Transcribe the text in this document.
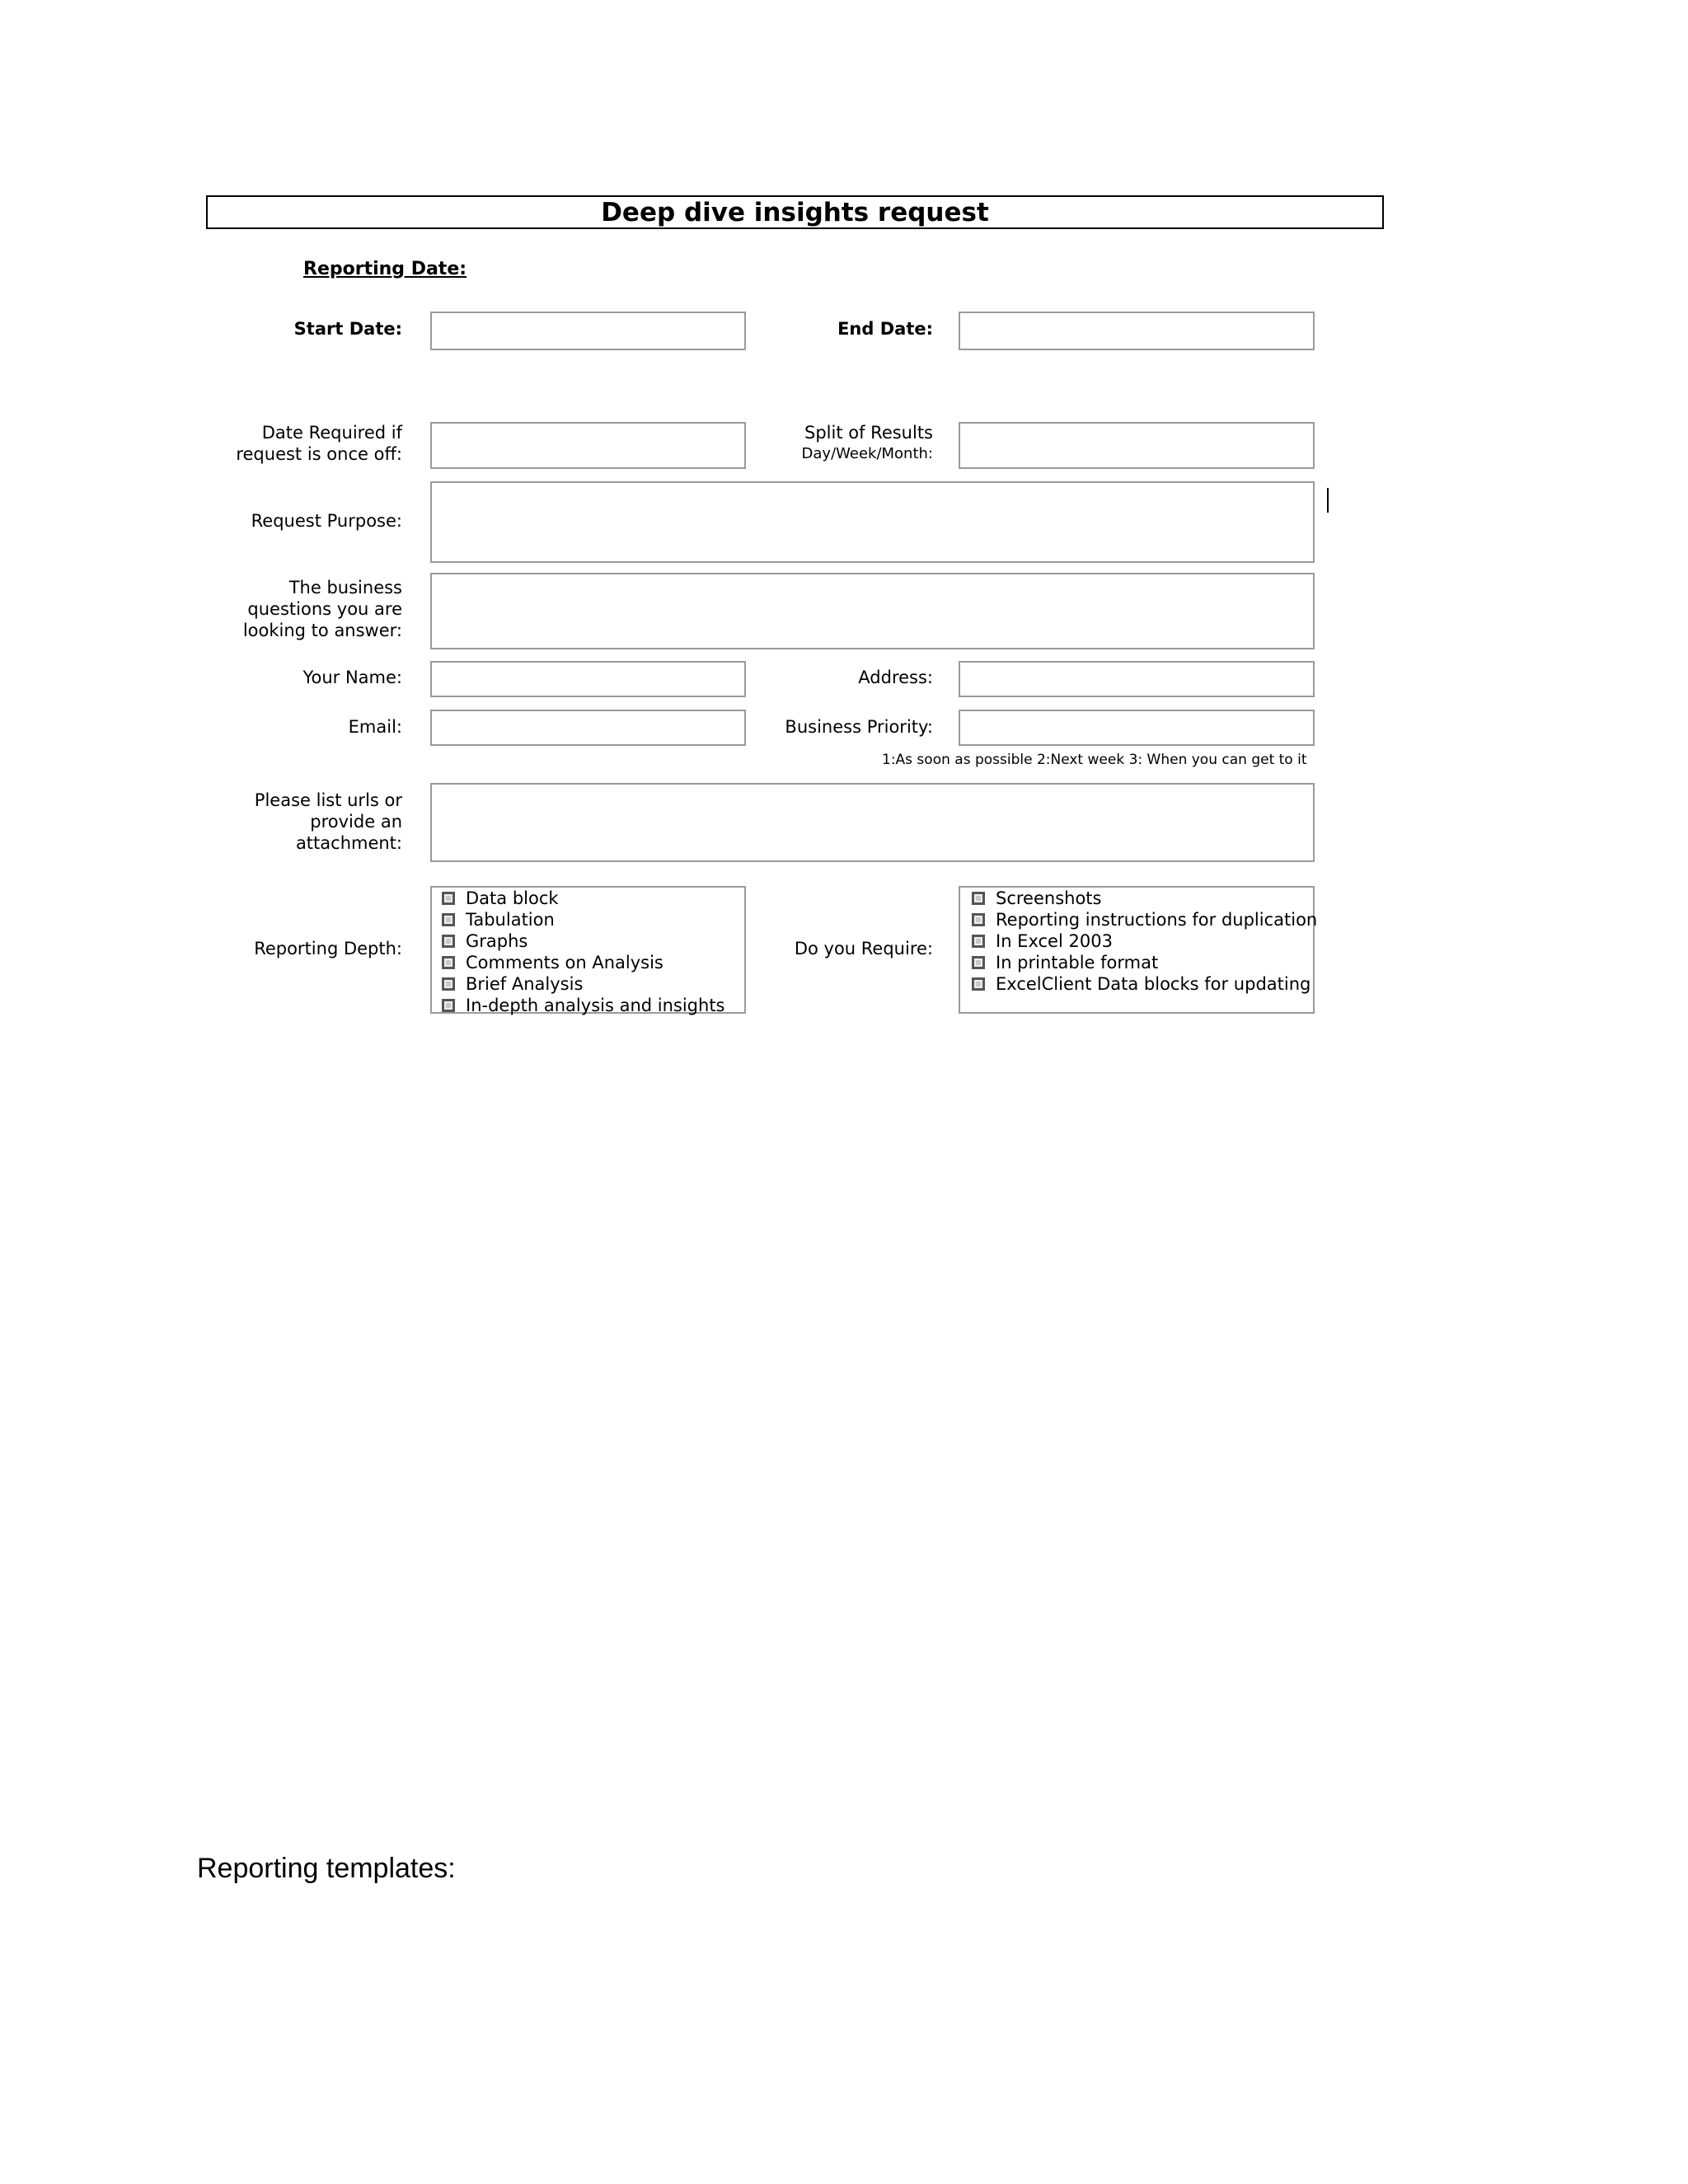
Deep dive insights request
Reporting Date:
Start Date:	End Date:
Date Required if
request is once off:
Split of Results
Day/Week/Month:
Request Purpose:
The business
questions you are
looking to answer:
Your Name:	Address:
Email:	Business Priority:
1:As soon as possible 2:Next week 3: When you can get to it
Please list urls or
provide an
attachment:
Reporting Depth:
Data block
Tabulation
Graphs
Comments on Analysis
Brief Analysis
In-depth analysis and insights
Do you Require:
Screenshots
Reporting instructions for duplication
In Excel 2003
In printable format
ExcelClient Data blocks for updating
Reporting templates:
